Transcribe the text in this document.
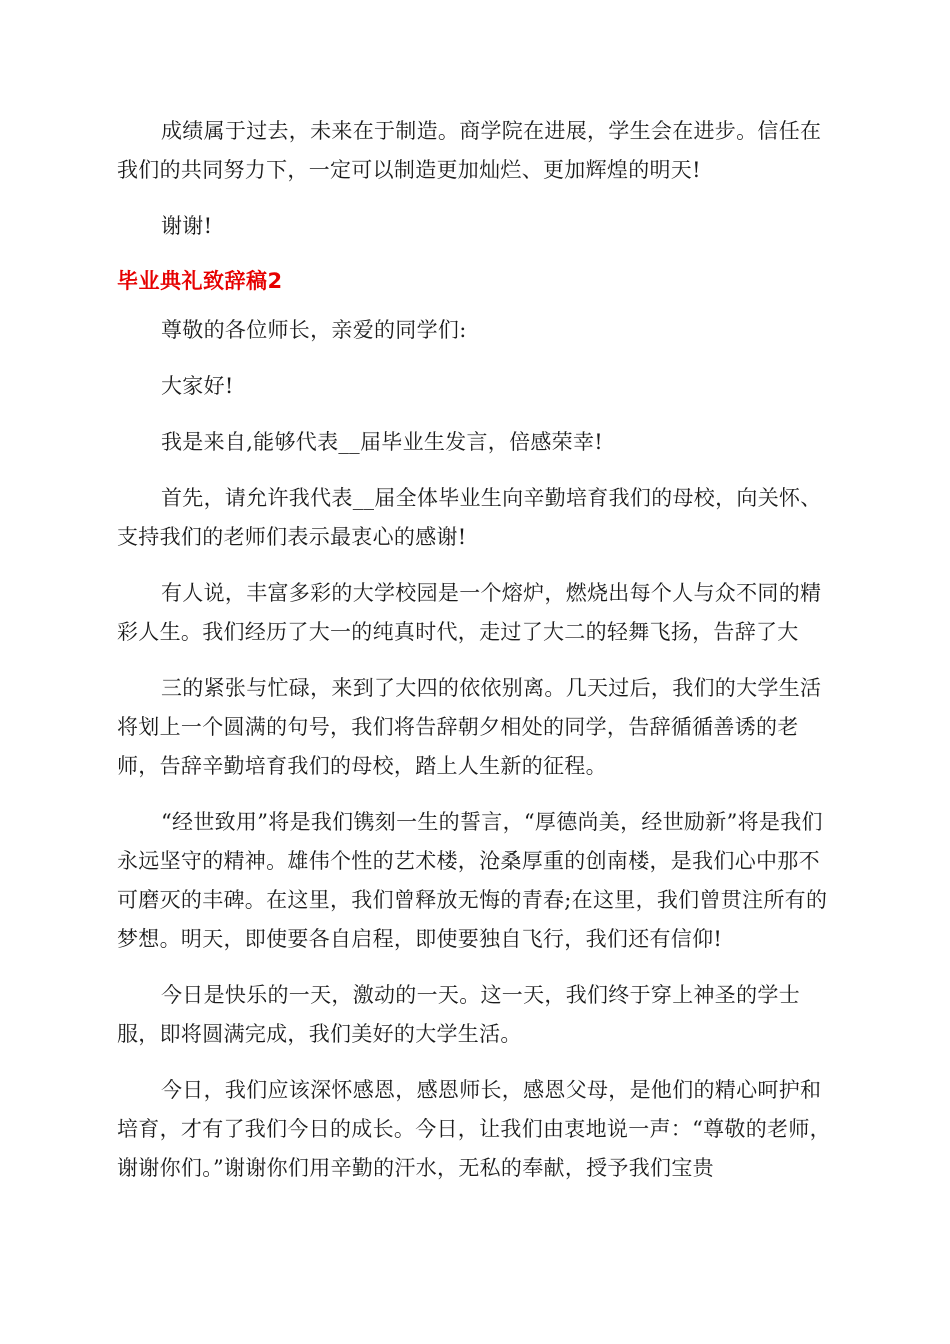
成绩属于过去，未来在于制造。商学院在进展，学生会在进步。信任在我们的共同努力下，一定可以制造更加灿烂、更加辉煌的明天!

谢谢!

毕业典礼致辞稿2

尊敬的各位师长，亲爱的同学们:

大家好!

我是来自,能够代表__届毕业生发言，倍感荣幸!

首先，请允许我代表__届全体毕业生向辛勤培育我们的母校，向关怀、支持我们的老师们表示最衷心的感谢!

有人说，丰富多彩的大学校园是一个熔炉，燃烧出每个人与众不同的精彩人生。我们经历了大一的纯真时代，走过了大二的轻舞飞扬，告辞了大

三的紧张与忙碌，来到了大四的依依别离。几天过后，我们的大学生活将划上一个圆满的句号，我们将告辞朝夕相处的同学，告辞循循善诱的老师，告辞辛勤培育我们的母校，踏上人生新的征程。

“经世致用”将是我们镌刻一生的誓言，“厚德尚美，经世励新”将是我们永远坚守的精神。雄伟个性的艺术楼，沧桑厚重的创南楼，是我们心中那不可磨灭的丰碑。在这里，我们曾释放无悔的青春;在这里，我们曾贯注所有的梦想。明天，即使要各自启程，即使要独自飞行，我们还有信仰!

今日是快乐的一天，激动的一天。这一天，我们终于穿上神圣的学士服，即将圆满完成，我们美好的大学生活。

今日，我们应该深怀感恩，感恩师长，感恩父母，是他们的精心呵护和培育，才有了我们今日的成长。今日，让我们由衷地说一声：“尊敬的老师，谢谢你们。”谢谢你们用辛勤的汗水，无私的奉献，授予我们宝贵
